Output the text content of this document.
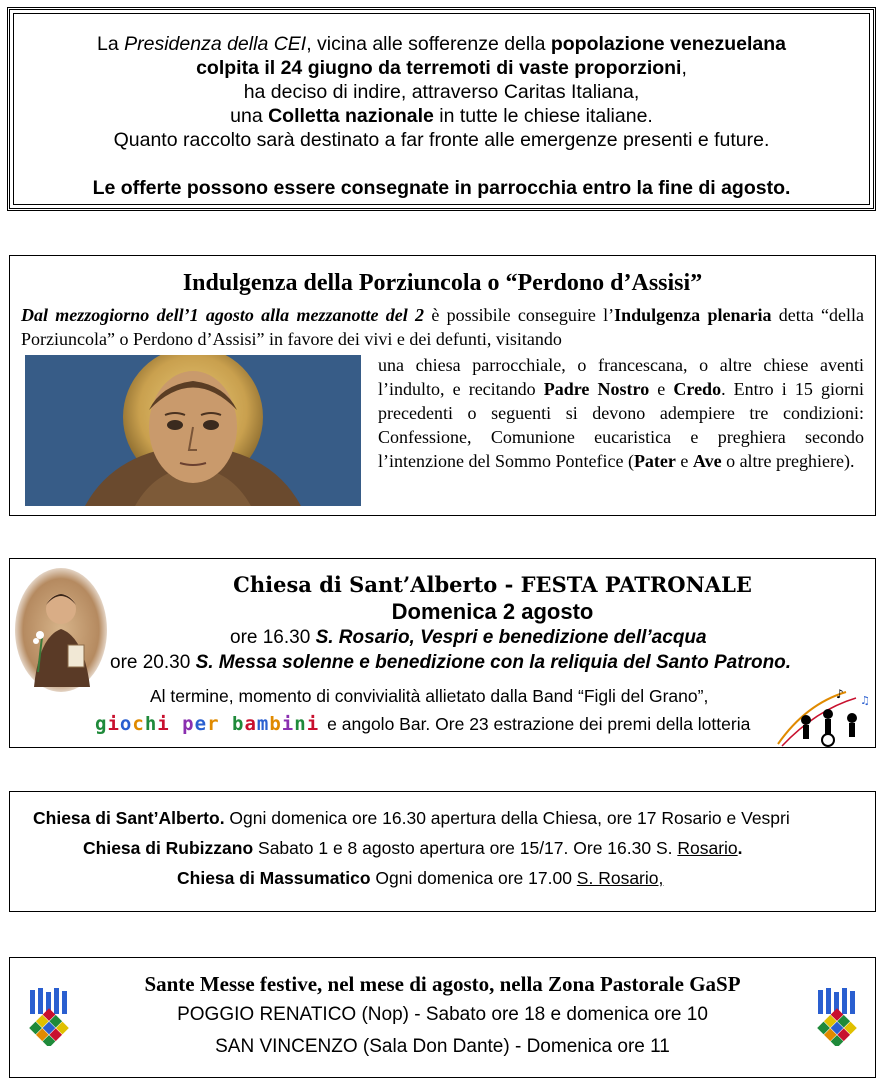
La Presidenza della CEI, vicina alle sofferenze della popolazione venezuelana
colpita il 24 giugno da terremoti di vaste proporzioni,
ha deciso di indire, attraverso Caritas Italiana,
una Colletta nazionale in tutte le chiese italiane.
Quanto raccolto sarà destinato a far fronte alle emergenze presenti e future.
Le offerte possono essere consegnate in parrocchia entro la fine di agosto.
Indulgenza della Porziuncola o “Perdono d’Assisi”
Dal mezzogiorno dell’1 agosto alla mezzanotte del 2 è possibile conseguire l’Indulgenza plenaria detta “della Porziuncola” o Perdono d’Assisi” in favore dei vivi e dei defunti, visitando
una chiesa parrocchiale, o francescana, o altre chiese aventi l’indulto, e recitando Padre Nostro e Credo. Entro i 15 giorni precedenti o seguenti si devono adempiere tre condizioni: Confessione, Comunione eucaristica e preghiera secondo l’intenzione del Sommo Pontefice (Pater e Ave o altre preghiere).
Chiesa di Sant’Alberto - FESTA PATRONALE
Domenica 2 agosto
ore 16.30 S. Rosario, Vespri e benedizione dell’acqua
ore 20.30 S. Messa solenne e benedizione con la reliquia del Santo Patrono.
Al termine, momento di convivialità allietato dalla Band “Figli del Grano”,
giochi per bambini e angolo Bar. Ore 23 estrazione dei premi della lotteria
♪ ♫
Chiesa di Sant’Alberto. Ogni domenica ore 16.30 apertura della Chiesa, ore 17 Rosario e Vespri
Chiesa di Rubizzano Sabato 1 e 8 agosto apertura ore 15/17. Ore 16.30 S. Rosario.
Chiesa di Massumatico Ogni domenica ore 17.00 S. Rosario,
Sante Messe festive, nel mese di agosto, nella Zona Pastorale GaSP
POGGIO RENATICO (Nop) - Sabato ore 18 e domenica ore 10
SAN VINCENZO (Sala Don Dante) - Domenica ore 11
